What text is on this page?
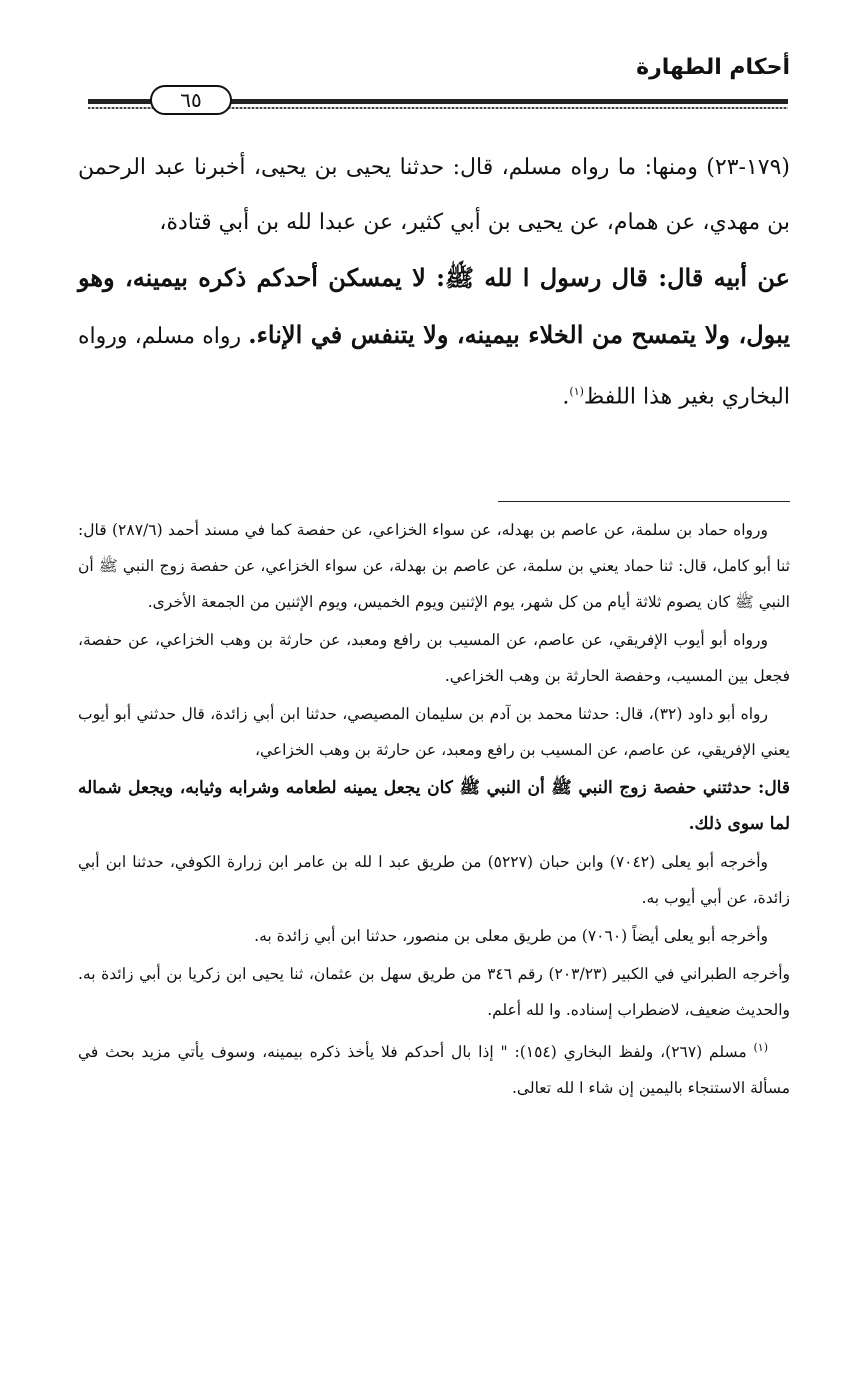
أحكام الطهارة
٦٥

(١٧٩-٢٣) ومنها: ما رواه مسلم، قال: حدثنا يحيى بن يحيى، أخبرنا عبد الرحمن بن مهدي، عن همام، عن يحيى بن أبي كثير، عن عبدا لله بن أبي قتادة،

عن أبيه قال: قال رسول ا لله ﷺ: لا يمسكن أحدكم ذكره بيمينه، وهو يبول، ولا يتمسح من الخلاء بيمينه، ولا يتنفس في الإناء. رواه مسلم، ورواه البخاري بغير هذا اللفظ$^{(١)}$.

ورواه حماد بن سلمة، عن عاصم بن بهدله، عن سواء الخزاعي، عن حفصة كما في مسند أحمد (٢٨٧/٦) قال: ثنا أبو كامل، قال: ثنا حماد يعني بن سلمة، عن عاصم بن بهدلة، عن سواء الخزاعي، عن حفصة زوج النبي ﷺ أن النبي ﷺ كان يصوم ثلاثة أيام من كل شهر، يوم الإثنين ويوم الخميس، ويوم الإثنين من الجمعة الأخرى.

ورواه أبو أيوب الإفريقي، عن عاصم، عن المسيب بن رافع ومعبد، عن حارثة بن وهب الخزاعي، عن حفصة، فجعل بين المسيب، وحفصة الحارثة بن وهب الخزاعي.

رواه أبو داود (٣٢)، قال: حدثنا محمد بن آدم بن سليمان المصيصي، حدثنا ابن أبي زائدة، قال حدثني أبو أيوب يعني الإفريقي، عن عاصم، عن المسيب بن رافع ومعبد، عن حارثة بن وهب الخزاعي،

قال: حدثتني حفصة زوج النبي ﷺ أن النبي ﷺ كان يجعل يمينه لطعامه وشرابه وثيابه، ويجعل شماله لما سوى ذلك.

وأخرجه أبو يعلى (٧٠٤٢) وابن حبان (٥٢٢٧) من طريق عبد ا لله بن عامر ابن زرارة الكوفي، حدثنا ابن أبي زائدة، عن أبي أيوب به.

وأخرجه أبو يعلى أيضاً (٧٠٦٠) من طريق معلى بن منصور، حدثنا ابن أبي زائدة به.

وأخرجه الطبراني في الكبير (٢٠٣/٢٣) رقم ٣٤٦ من طريق سهل بن عثمان، ثنا يحيى ابن زكريا بن أبي زائدة به. والحديث ضعيف، لاضطراب إسناده. وا لله أعلم.

$^{(١)}$ مسلم (٢٦٧)، ولفظ البخاري (١٥٤): " إذا بال أحدكم فلا يأخذ ذكره بيمينه، وسوف يأتي مزيد بحث في مسألة الاستنجاء باليمين إن شاء ا لله تعالى.
